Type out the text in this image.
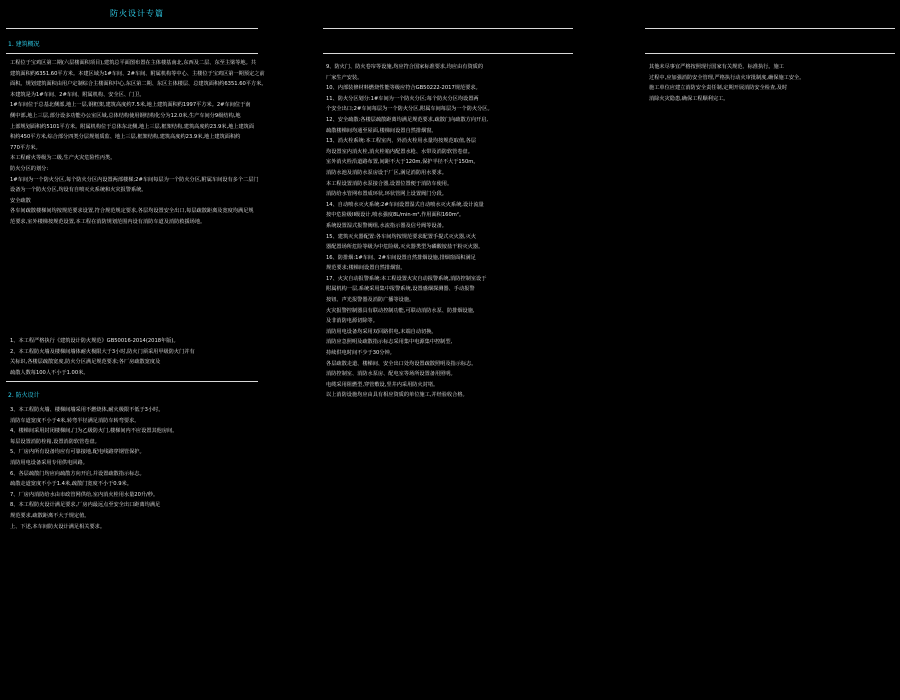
防火设计专篇
1. 建筑概况
工程位于宝鸡区第二期(六层楼面积项目),建筑总平面图布置在主体楼基南北,东西及二层、东至主梁等地。共
建筑面积约6351.60平方米。本建区域为1#车间、2#车间、附属机构等中心、主楼位于宝鸡区第一期预定之前
面积。规划建筑面积由用户定制综合主楼面积中心,东区第二期、东区主体楼层、总建筑面积约6351.60平方米。
本建筑是为1#车间、2#车间、附属机构、安全区、门卫。
1#车间位于总基北侧部,地上一层,钢框架,建筑高度约7.5米,地上建筑面积约1997平方米。2#车间位于南
侧中部,地上三层,部分设多功能办公室区域,总体结构使用钢结构化分为12.0米,生产车间分9级结构,地
上部规划面积约5101平方米。附属机构位于总体东北侧,地上三层,框架结构,建筑高度约23.9米,地上建筑面
积约450平方米,综合部分四类分层规划质监、地上三层,框架结构,建筑高度约23.9米,地上建筑面积约
770平方米。
本工程耐火等级为二级,生产火灾危险性丙类。
防火分区的划分:
1#车间为一个防火分区,每个防火分区内设置两部楼梯;2#车间每层为一个防火分区,附属车间设有多个二层门
设备为一个防火分区,均设有自喷灭火系统和火灾报警系统。
安全疏散
各车间疏散楼梯间均按规范要求设置,符合规范规定要求,各层均设置安全出口,每层疏散距离及宽度均满足规
范要求,室外楼梯按规范设置,本工程在消防规划范围内设有消防车道及消防救援场地。
1、本工程严格执行《建筑设计防火规范》GB50016-2014(2018年版)。
2、本工程防火墙及楼梯间墙体耐火极限大于3小时,防火门须采用甲级防火门并有
关标识,各楼层疏散宽度,防火分区满足规范要求;各厂房疏散宽度及
疏散人数每100人不小于1.00米。
2. 防火设计
3、本工程防火墙、楼梯间墙采用不燃烧体,耐火极限不低于3小时。
消防车道宽度不小于4米,转弯半径满足消防车转弯要求。
4、楼梯间采用封闭楼梯间,门为乙级防火门,楼梯间内不应设置其他房间。
每层设置消防栓箱,设置消防软管卷盘。
5、厂房内所有设备均应有可靠接地,配电线路穿钢管保护。
消防用电设备采用专用供电回路。
6、各层疏散门均应向疏散方向开启,并设置疏散指示标志。
疏散走道宽度不小于1.4米,疏散门宽度不小于0.9米。
7、厂房内消防给水由市政管网供给,室内消火栓用水量20升/秒。
8、本工程防火设计满足要求,厂房内最远点至安全出口距离均满足
规范要求,疏散距离不大于规定值。
上、下述,本车间防火设计满足相关要求。
9、防火门、防火卷帘等设施,均应符合国家标准要求,均应由有资质的
厂家生产安装。
10、内部装修材料燃烧性能等级应符合GB50222-2017规范要求。
11、防火分区划分:1#车间为一个防火分区;每个防火分区均设置两
个安全出口;2#车间每层为一个防火分区,附属车间每层为一个防火分区。
12、安全疏散:各楼层疏散距离均满足规范要求,疏散门向疏散方向开启,
疏散楼梯间均通至屋面,楼梯间设置自然排烟窗。
13、消火栓系统:本工程室内、外消火栓用水量均按规范取值,各层
均设置室内消火栓,消火栓箱内配置水枪、水带及消防软管卷盘。
室外消火栓沿道路布置,间距不大于120m,保护半径不大于150m。
消防水池及消防水泵房设于厂区,满足消防用水要求。
本工程设置消防水泵接合器,设置位置便于消防车使用。
消防给水管网布置成环状,环状管网上设置阀门分段。
14、自动喷水灭火系统:2#车间设置湿式自动喷水灭火系统,设计流量
按中危险级II级设计,喷水强度8L/min·m²,作用面积160m²。
系统设置湿式报警阀组,水流指示器及信号阀等设备。
15、建筑灭火器配置:各车间均按规范要求配置手提式灭火器,灭火
器配置场所危险等级为中危险级,灭火器类型为磷酸铵盐干粉灭火器。
16、防排烟:1#车间、2#车间设置自然排烟设施,排烟窗面积满足
规范要求;楼梯间设置自然排烟窗。
17、火灾自动报警系统:本工程设置火灾自动报警系统,消防控制室设于
附属机构一层,系统采用集中报警系统,设置感烟探测器、手动报警
按钮、声光报警器及消防广播等设施。
火灾报警控制器具有联动控制功能,可联动消防水泵、防排烟设施,
及非消防电源切除等。
消防用电设备均采用双回路供电,末端自动切换。
消防应急照明及疏散指示标志采用集中电源集中控制型,
持续供电时间不少于30分钟。
各层疏散走道、楼梯间、安全出口处均设置疏散照明及指示标志。
消防控制室、消防水泵房、配电室等场所设置备用照明。
电缆采用阻燃型,穿管敷设,竖井内采用防火封堵。
以上消防设施均应由具有相应资质的单位施工,并经验收合格。
其他未尽事宜严格按照现行国家有关规范、标准执行。施工
过程中,应加强消防安全管理,严格执行动火审批制度,确保施工安全。
施工单位应建立消防安全责任制,定期开展消防安全检查,及时
消除火灾隐患,确保工程顺利完工。
